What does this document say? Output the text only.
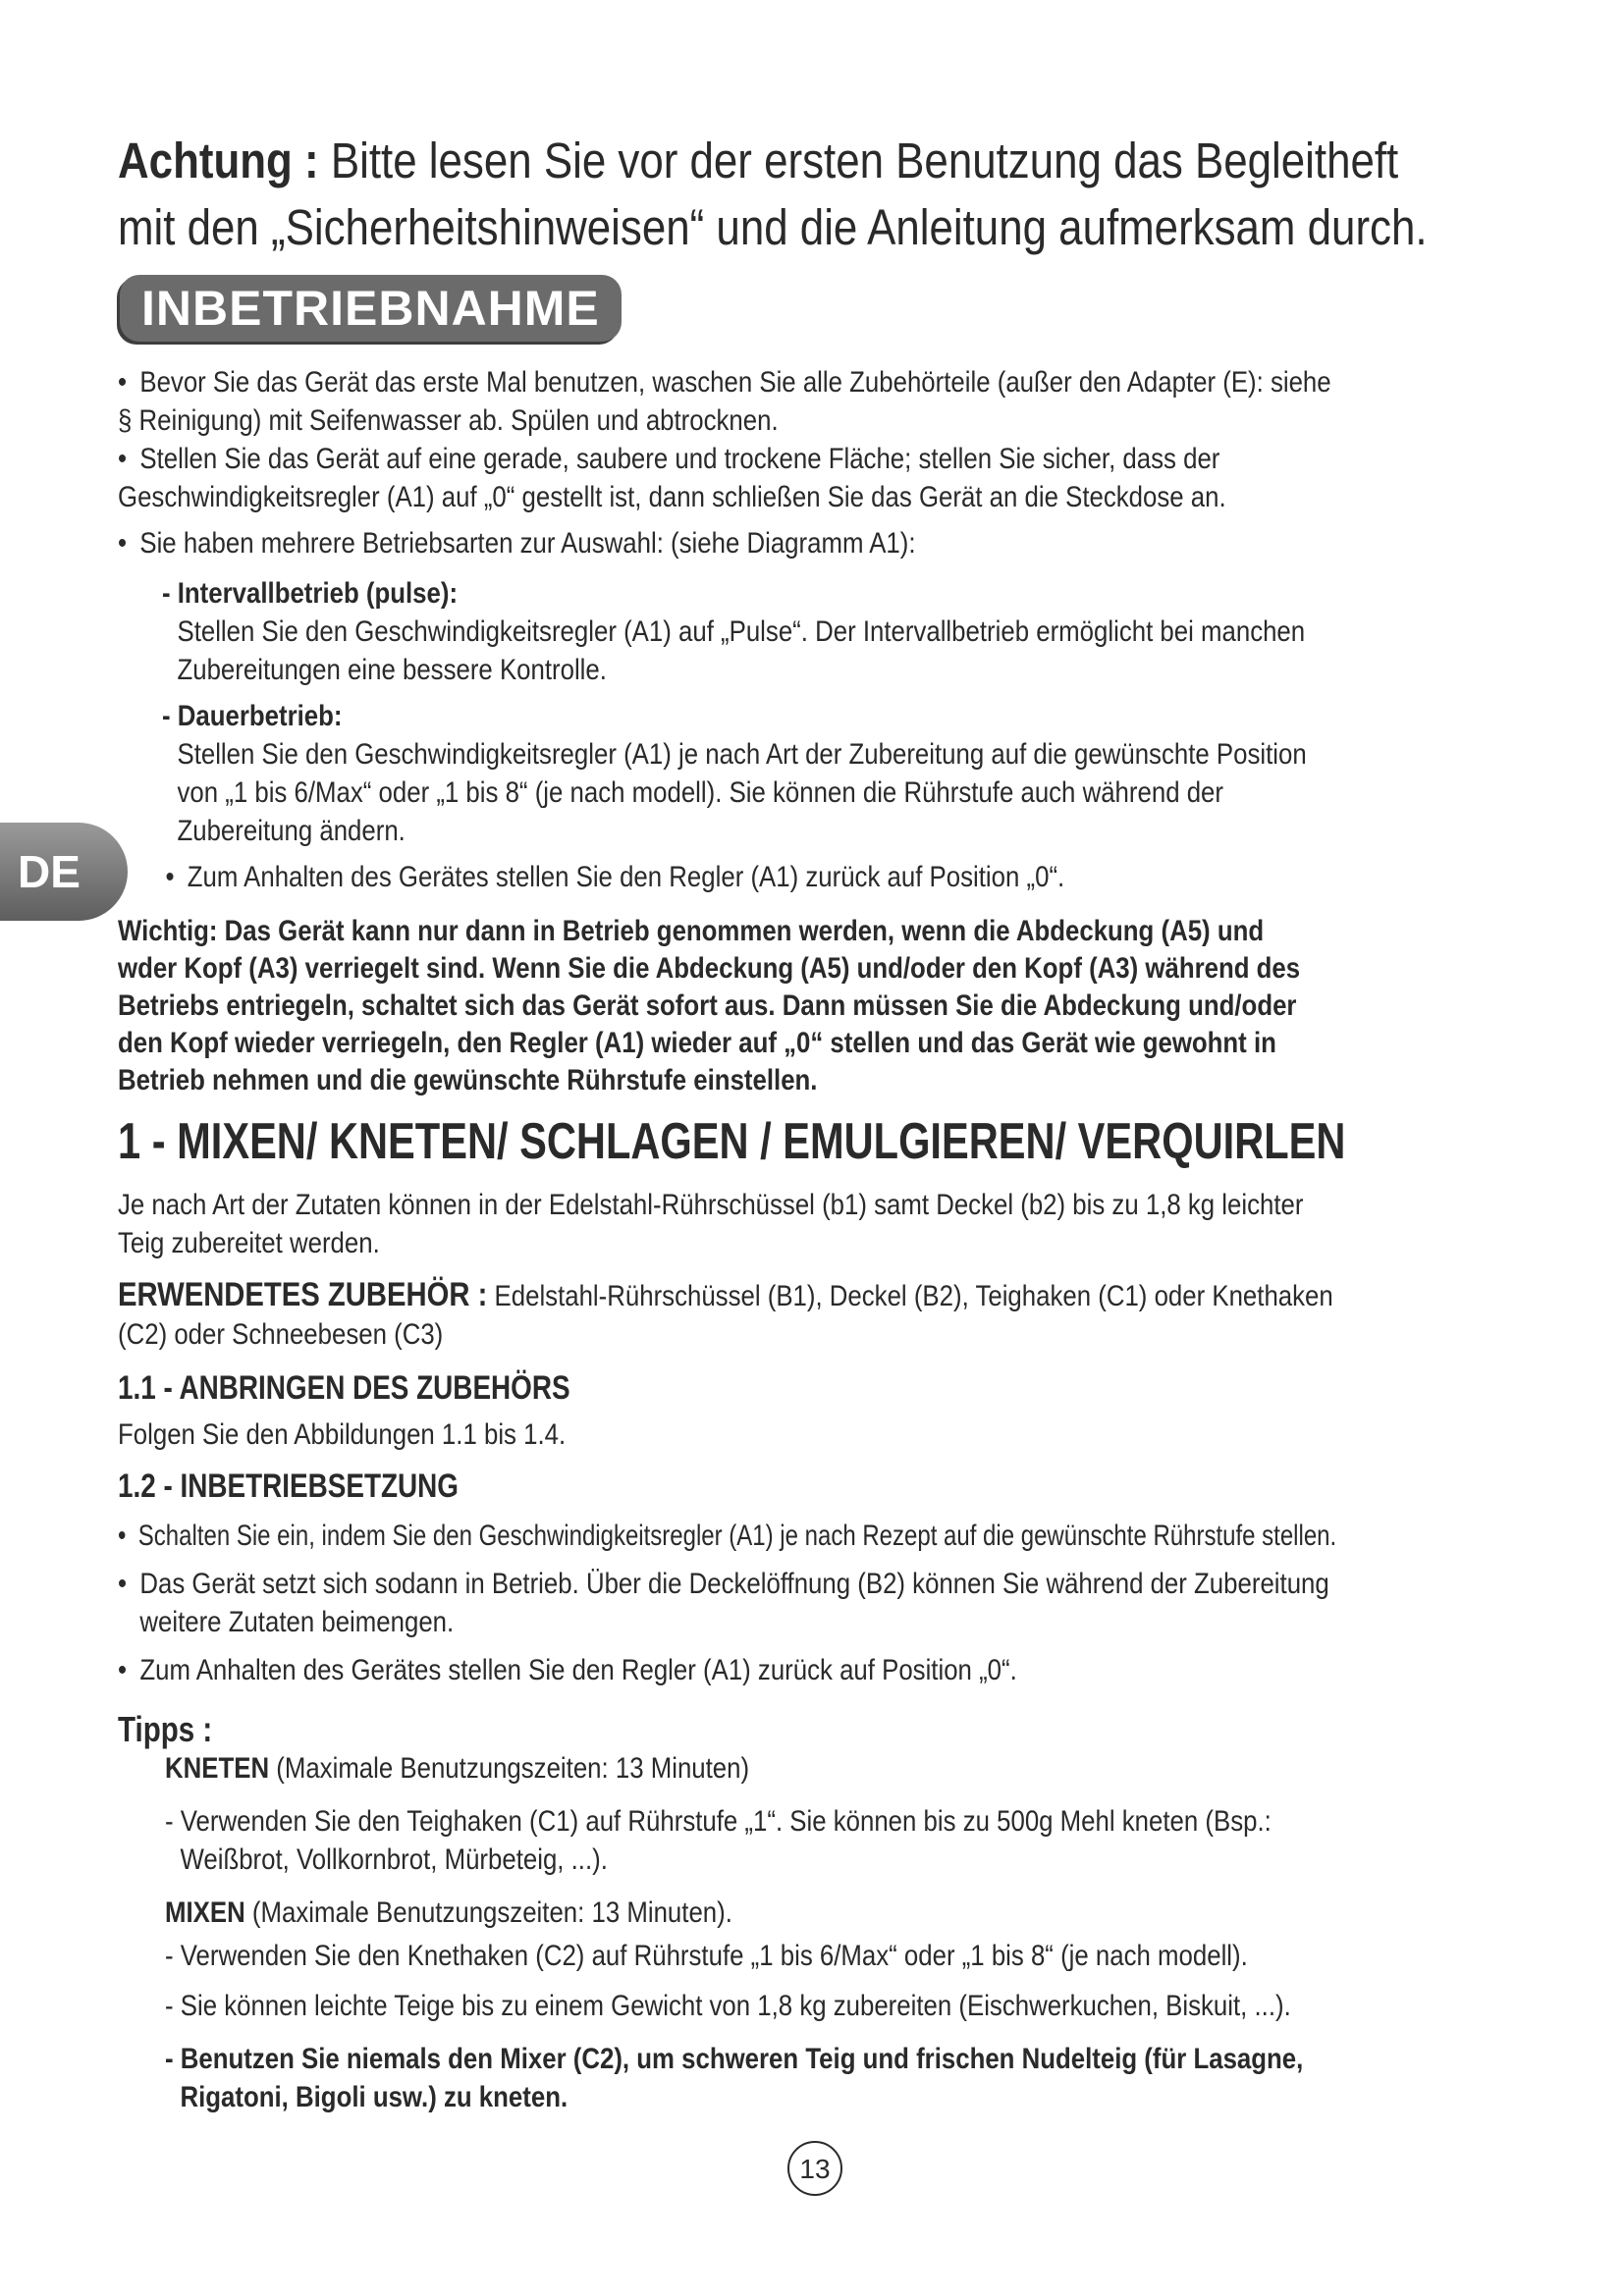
Achtung : Bitte lesen Sie vor der ersten Benutzung das Begleitheft

mit den „Sicherheitshinweisen“ und die Anleitung aufmerksam durch.

INBETRIEBNAHME

• Bevor Sie das Gerät das erste Mal benutzen, waschen Sie alle Zubehörteile (außer den Adapter (E): siehe

§ Reinigung) mit Seifenwasser ab. Spülen und abtrocknen.

• Stellen Sie das Gerät auf eine gerade, saubere und trockene Fläche; stellen Sie sicher, dass der

Geschwindigkeitsregler (A1) auf „0“ gestellt ist, dann schließen Sie das Gerät an die Steckdose an.

• Sie haben mehrere Betriebsarten zur Auswahl: (siehe Diagramm A1):

- Intervallbetrieb (pulse):

Stellen Sie den Geschwindigkeitsregler (A1) auf „Pulse“. Der Intervallbetrieb ermöglicht bei manchen

Zubereitungen eine bessere Kontrolle.

- Dauerbetrieb:

Stellen Sie den Geschwindigkeitsregler (A1) je nach Art der Zubereitung auf die gewünschte Position

von „1 bis 6/Max“ oder „1 bis 8“ (je nach modell). Sie können die Rührstufe auch während der

Zubereitung ändern.

• Zum Anhalten des Gerätes stellen Sie den Regler (A1) zurück auf Position „0“.

DE

Wichtig: Das Gerät kann nur dann in Betrieb genommen werden, wenn die Abdeckung (A5) und

wder Kopf (A3) verriegelt sind. Wenn Sie die Abdeckung (A5) und/oder den Kopf (A3) während des

Betriebs entriegeln, schaltet sich das Gerät sofort aus. Dann müssen Sie die Abdeckung und/oder

den Kopf wieder verriegeln, den Regler (A1) wieder auf „0“ stellen und das Gerät wie gewohnt in

Betrieb nehmen und die gewünschte Rührstufe einstellen.

1 - MIXEN/ KNETEN/ SCHLAGEN / EMULGIEREN/ VERQUIRLEN

Je nach Art der Zutaten können in der Edelstahl-Rührschüssel (b1) samt Deckel (b2) bis zu 1,8 kg leichter

Teig zubereitet werden.

ERWENDETES ZUBEHÖR : Edelstahl-Rührschüssel (B1), Deckel (B2), Teighaken (C1) oder Knethaken

(C2) oder Schneebesen (C3)

1.1 - ANBRINGEN DES ZUBEHÖRS
Folgen Sie den Abbildungen 1.1 bis 1.4.
1.2 - INBETRIEBSETZUNG

• Schalten Sie ein, indem Sie den Geschwindigkeitsregler (A1) je nach Rezept auf die gewünschte Rührstufe stellen.

• Das Gerät setzt sich sodann in Betrieb. Über die Deckelöffnung (B2) können Sie während der Zubereitung

weitere Zutaten beimengen.

• Zum Anhalten des Gerätes stellen Sie den Regler (A1) zurück auf Position „0“.

Tipps :

KNETEN (Maximale Benutzungszeiten: 13 Minuten)

- Verwenden Sie den Teighaken (C1) auf Rührstufe „1“. Sie können bis zu 500g Mehl kneten (Bsp.:

Weißbrot, Vollkornbrot, Mürbeteig, ...).

MIXEN (Maximale Benutzungszeiten: 13 Minuten).

- Verwenden Sie den Knethaken (C2) auf Rührstufe „1 bis 6/Max“ oder „1 bis 8“ (je nach modell).
- Sie können leichte Teige bis zu einem Gewicht von 1,8 kg zubereiten (Eischwerkuchen, Biskuit, ...).

- Benutzen Sie niemals den Mixer (C2), um schweren Teig und frischen Nudelteig (für Lasagne,

Rigatoni, Bigoli usw.) zu kneten.

13
